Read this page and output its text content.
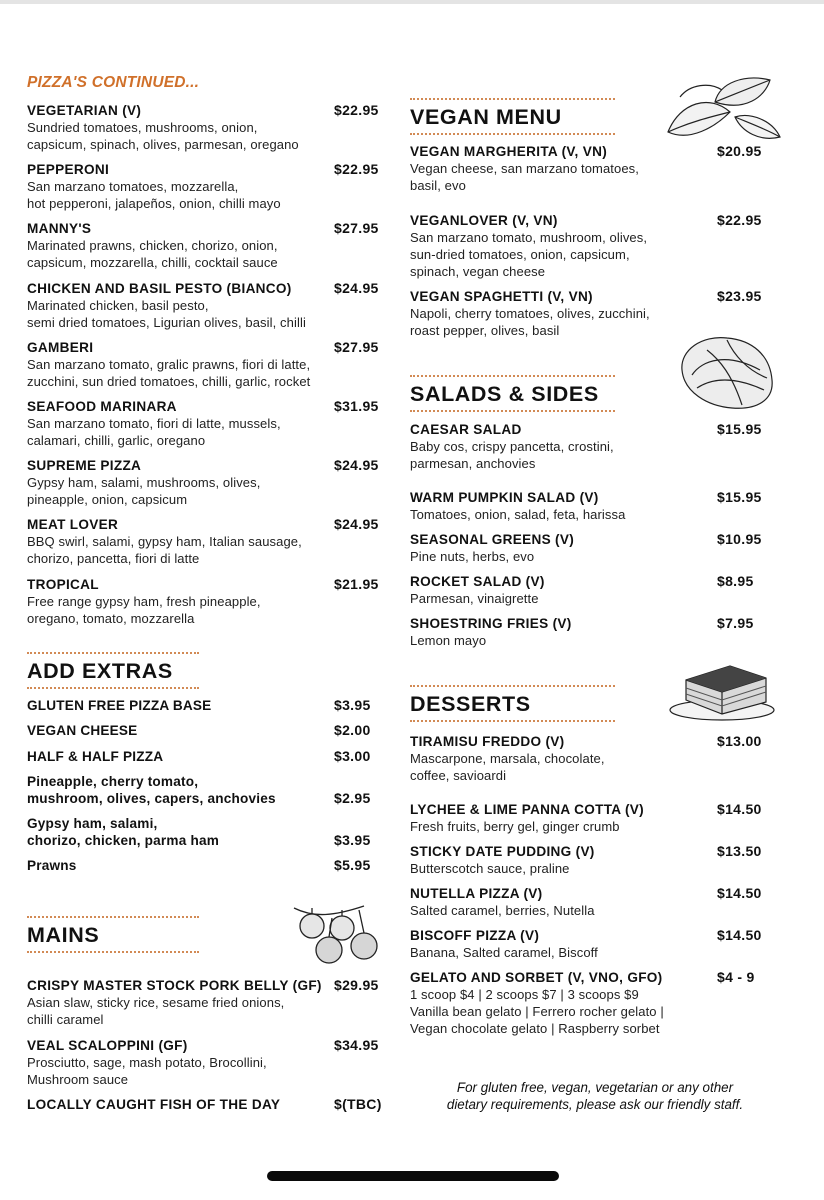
PIZZA'S CONTINUED...
VEGETARIAN (V)
Sundried tomatoes, mushrooms, onion,
capsicum, spinach, olives, parmesan, oregano
$22.95
PEPPERONI
San marzano tomatoes, mozzarella,
hot pepperoni, jalapeños, onion, chilli mayo
$22.95
MANNY'S
Marinated prawns, chicken, chorizo, onion,
capsicum, mozzarella, chilli, cocktail sauce
$27.95
CHICKEN AND BASIL PESTO (BIANCO)
Marinated chicken, basil pesto,
semi dried tomatoes, Ligurian olives, basil, chilli
$24.95
GAMBERI
San marzano tomato, gralic prawns, fiori di latte,
zucchini, sun dried tomatoes, chilli, garlic, rocket
$27.95
SEAFOOD MARINARA
San marzano tomato, fiori di latte, mussels,
calamari, chilli, garlic, oregano
$31.95
SUPREME PIZZA
Gypsy ham, salami, mushrooms, olives,
pineapple, onion, capsicum
$24.95
MEAT LOVER
BBQ swirl, salami, gypsy ham, Italian sausage,
chorizo, pancetta, fiori di latte
$24.95
TROPICAL
Free range gypsy ham, fresh pineapple,
oregano, tomato, mozzarella
$21.95
ADD EXTRAS
GLUTEN FREE PIZZA BASE	$3.95
VEGAN CHEESE	$2.00
HALF & HALF PIZZA	$3.00
Pineapple, cherry tomato,
mushroom, olives, capers, anchovies	$2.95
Gypsy ham, salami,
chorizo, chicken, parma ham	$3.95
Prawns	$5.95
MAINS
CRISPY MASTER STOCK PORK BELLY (GF)
Asian slaw, sticky rice, sesame fried onions,
chilli caramel
$29.95
VEAL SCALOPPINI (GF)
Prosciutto, sage, mash potato, Brocollini,
Mushroom sauce
$34.95
LOCALLY CAUGHT FISH OF THE DAY	$(TBC)
VEGAN MENU
VEGAN MARGHERITA (V, VN)
Vegan cheese, san marzano tomatoes,
basil, evo
$20.95
VEGANLOVER (V, VN)
San marzano tomato, mushroom, olives,
sun-dried tomatoes, onion, capsicum,
spinach, vegan cheese
$22.95
VEGAN SPAGHETTI (V, VN)
Napoli, cherry tomatoes, olives, zucchini,
roast pepper, olives, basil
$23.95
SALADS & SIDES
CAESAR SALAD
Baby cos, crispy pancetta, crostini,
parmesan, anchovies
$15.95
WARM PUMPKIN SALAD (V)
Tomatoes, onion, salad, feta, harissa
$15.95
SEASONAL GREENS (V)
Pine nuts, herbs, evo
$10.95
ROCKET SALAD (V)
Parmesan, vinaigrette
$8.95
SHOESTRING FRIES (V)
Lemon mayo
$7.95
DESSERTS
TIRAMISU FREDDO (V)
Mascarpone, marsala, chocolate,
coffee, savioardi
$13.00
LYCHEE & LIME PANNA COTTA (V)
Fresh fruits, berry gel, ginger crumb
$14.50
STICKY DATE PUDDING (V)
Butterscotch sauce, praline
$13.50
NUTELLA PIZZA (V)
Salted caramel, berries, Nutella
$14.50
BISCOFF PIZZA (V)
Banana, Salted caramel, Biscoff
$14.50
GELATO AND SORBET (V, VNO, GFO)
1 scoop $4 | 2 scoops $7 | 3 scoops $9
Vanilla bean gelato | Ferrero rocher gelato |
Vegan chocolate gelato | Raspberry sorbet
$4 - 9
For gluten free, vegan, vegetarian or any other
dietary requirements, please ask our friendly staff.
